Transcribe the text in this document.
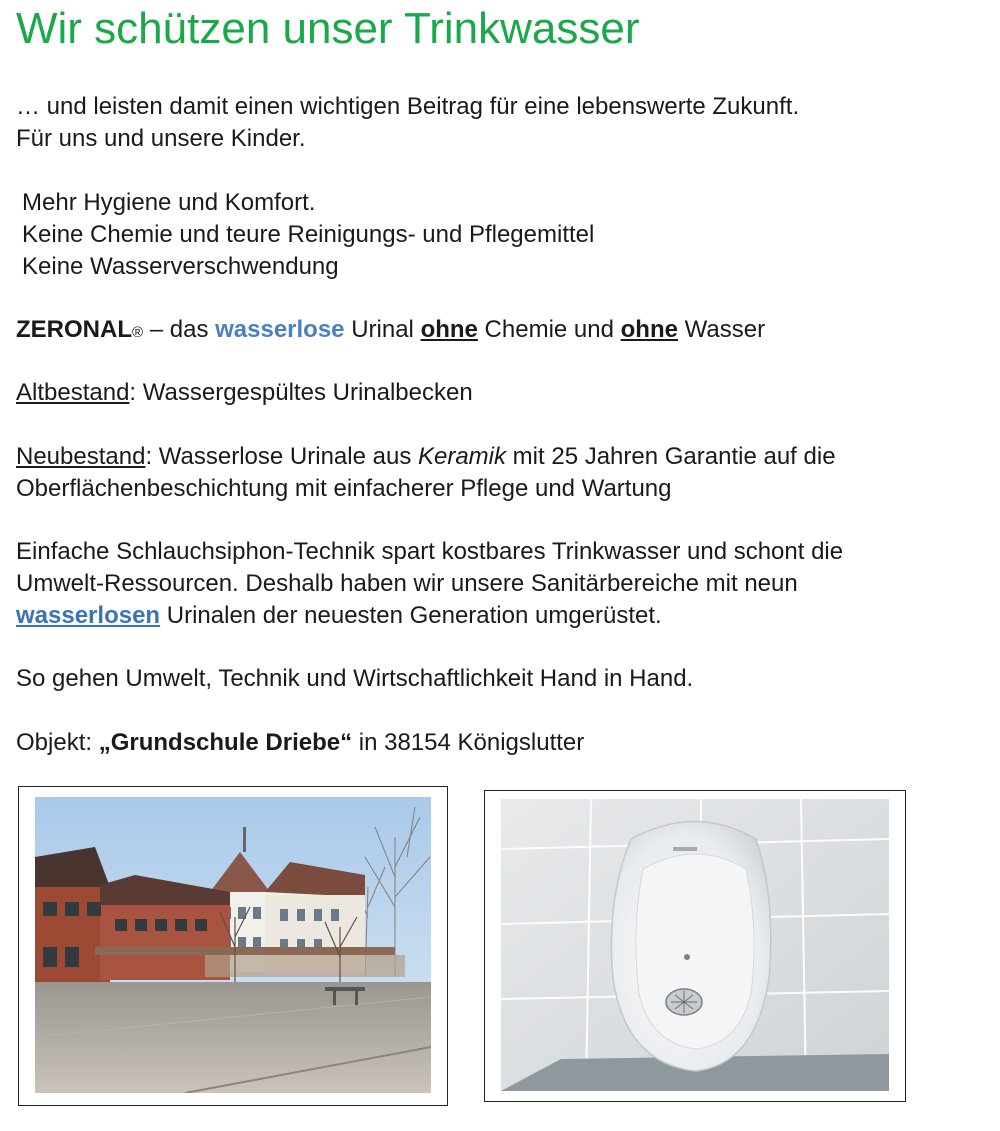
Wir schützen unser Trinkwasser

… und leisten damit einen wichtigen Beitrag für eine lebenswerte Zukunft.

Für uns und unsere Kinder.

Mehr Hygiene und Komfort.

Keine Chemie und teure Reinigungs- und Pflegemittel

Keine Wasserverschwendung

ZERONAL® – das wasserlose Urinal ohne Chemie und ohne Wasser

Altbestand: Wassergespültes Urinalbecken

Neubestand: Wasserlose Urinale aus Keramik mit 25 Jahren Garantie auf die

Oberflächenbeschichtung mit einfacherer Pflege und Wartung

Einfache Schlauchsiphon-Technik spart kostbares Trinkwasser und schont die

Umwelt-Ressourcen. Deshalb haben wir unsere Sanitärbereiche mit neun

wasserlosen Urinalen der neuesten Generation umgerüstet.

So gehen Umwelt, Technik und Wirtschaftlichkeit Hand in Hand.

Objekt: „Grundschule Driebe“ in 38154 Königslutter
